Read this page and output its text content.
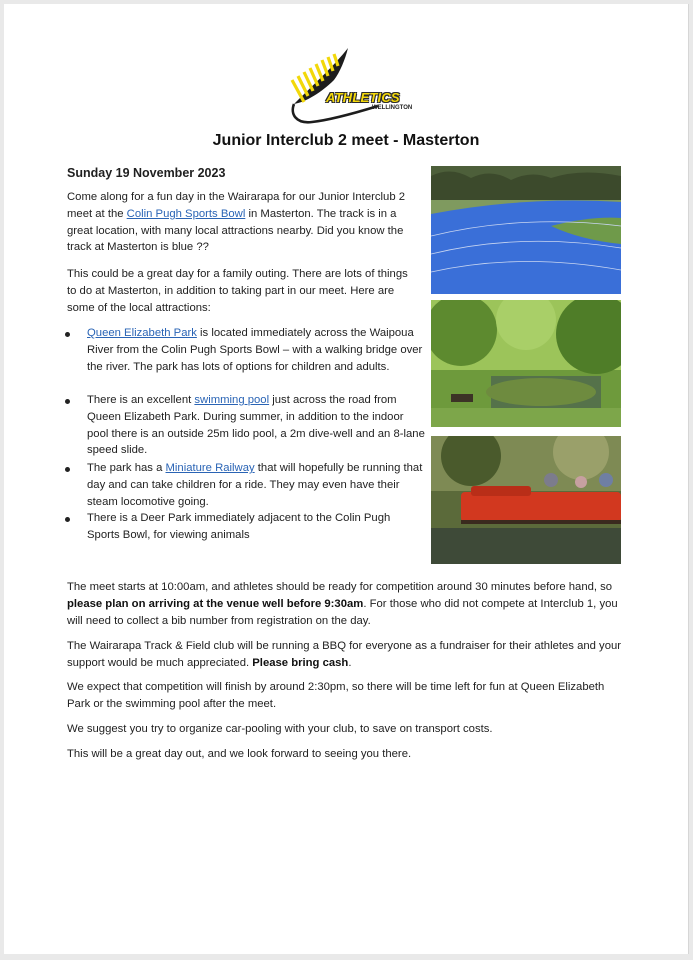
ATHLETICS
WELLINGTON
Junior Interclub 2 meet - Masterton
Sunday 19 November 2023

Come along for a fun day in the Wairarapa for our Junior Interclub 2 meet at the Colin Pugh Sports Bowl in Masterton. The track is in a great location, with many local attractions nearby. Did you know the track at Masterton is blue ??

This could be a great day for a family outing. There are lots of things to do at Masterton, in addition to taking part in our meet. Here are some of the local attractions:

Queen Elizabeth Park is located immediately across the Waipoua River from the Colin Pugh Sports Bowl – with a walking bridge over the river. The park has lots of options for children and adults.
There is an excellent swimming pool just across the road from Queen Elizabeth Park. During summer, in addition to the indoor pool there is an outside 25m lido pool, a 2m dive-well and an 8-lane speed slide.
The park has a Miniature Railway that will hopefully be running that day and can take children for a ride. They may even have their steam locomotive going.
There is a Deer Park immediately adjacent to the Colin Pugh Sports Bowl, for viewing animals

The meet starts at 10:00am, and athletes should be ready for competition around 30 minutes before hand, so please plan on arriving at the venue well before 9:30am. For those who did not compete at Interclub 1, you will need to collect a bib number from registration on the day.

The Wairarapa Track & Field club will be running a BBQ for everyone as a fundraiser for their athletes and your support would be much appreciated. Please bring cash.

We expect that competition will finish by around 2:30pm, so there will be time left for fun at Queen Elizabeth Park or the swimming pool after the meet.

We suggest you try to organize car-pooling with your club, to save on transport costs.

This will be a great day out, and we look forward to seeing you there.
